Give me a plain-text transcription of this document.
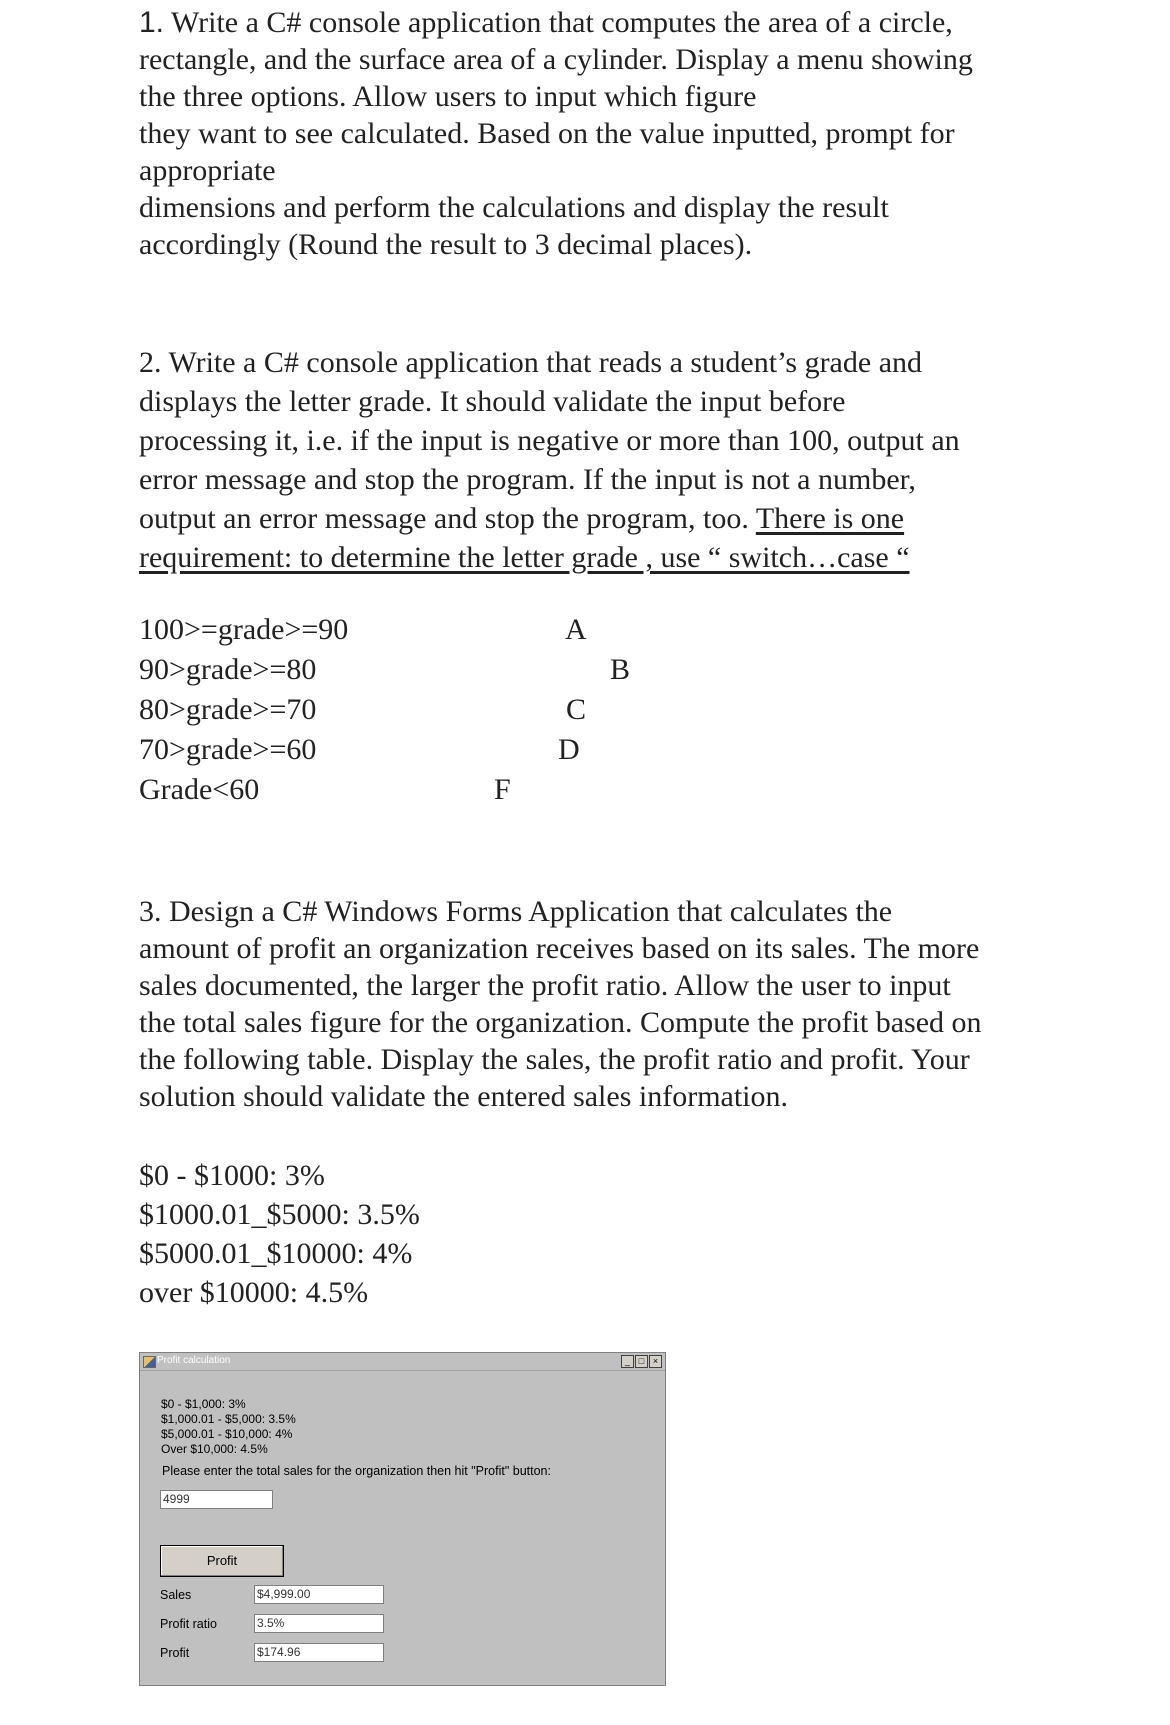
1. Write a C# console application that computes the area of a circle,
rectangle, and the surface area of a cylinder. Display a menu showing
the three options. Allow users to input which figure
they want to see calculated. Based on the value inputted, prompt for
appropriate
dimensions and perform the calculations and display the result
accordingly (Round the result to 3 decimal places).
2. Write a C# console application that reads a student’s grade and
displays the letter grade. It should validate the input before
processing it, i.e. if the input is negative or more than 100, output an
error message and stop the program. If the input is not a number,
output an error message and stop the program, too. There is one
requirement: to determine the letter grade , use “ switch…case “
100>=grade>=90	A
90>grade>=80	B
80>grade>=70	C
70>grade>=60	D
Grade<60	F
3. Design a C# Windows Forms Application that calculates the
amount of profit an organization receives based on its sales. The more
sales documented, the larger the profit ratio. Allow the user to input
the total sales figure for the organization. Compute the profit based on
the following table. Display the sales, the profit ratio and profit. Your
solution should validate the entered sales information.
$0 - $1000: 3%
$1000.01_$5000: 3.5%
$5000.01_$10000: 4%
over $10000: 4.5%
Profit calculation	_ □ ×
$0 - $1,000: 3%
$1,000.01 - $5,000: 3.5%
$5,000.01 - $10,000: 4%
Over $10,000: 4.5%
Please enter the total sales for the organization then hit "Profit" button:
4999
Profit
Sales	$4,999.00
Profit ratio	3.5%
Profit	$174.96
